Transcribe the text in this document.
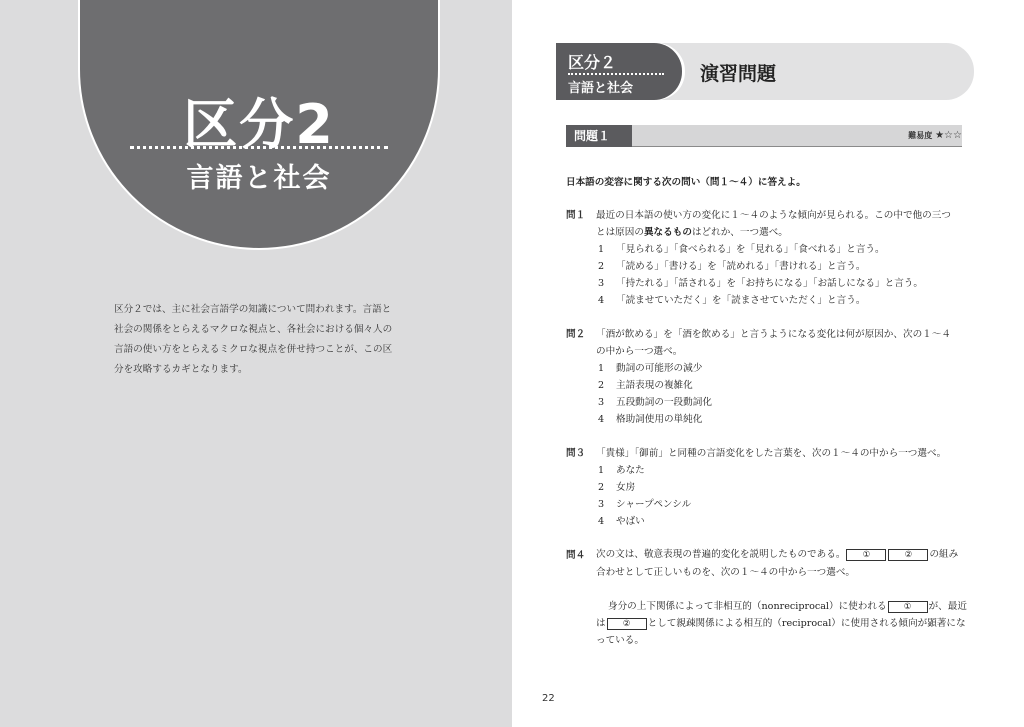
区分2
言語と社会
区分２では、主に社会言語学の知識について問われます。言語と
社会の関係をとらえるマクロな視点と、各社会における個々人の
言語の使い方をとらえるミクロな視点を併せ持つことが、この区
分を攻略するカギとなります。
区分２
言語と社会
演習問題
問題１	難易度 ★☆☆
日本語の変容に関する次の問い（問１～４）に答えよ。
問１ 最近の日本語の使い方の変化に１～４のような傾向が見られる。この中で他の三つ
とは原因の異なるものはどれか、一つ選べ。
1 「見られる」「食べられる」を「見れる」「食べれる」と言う。
2 「読める」「書ける」を「読めれる」「書けれる」と言う。
3 「持たれる」「話される」を「お持ちになる」「お話しになる」と言う。
4 「読ませていただく」を「読まさせていただく」と言う。
問２ 「酒が飲める」を「酒を飲める」と言うようになる変化は何が原因か、次の１～４
の中から一つ選べ。
1 動詞の可能形の減少
2 主語表現の複雑化
3 五段動詞の一段動詞化
4 格助詞使用の単純化
問３ 「貴様」「御前」と同種の言語変化をした言葉を、次の１～４の中から一つ選べ。
1 あなた
2 女房
3 シャープペンシル
4 やばい
問４ 次の文は、敬意表現の普遍的変化を説明したものである。 ①	② の組み
合わせとして正しいものを、次の１～４の中から一つ選べ。
身分の上下関係によって非相互的（nonreciprocal）に使われる ① が、最近
は ② として親疎関係による相互的（reciprocal）に使用される傾向が顕著にな
っている。
22
